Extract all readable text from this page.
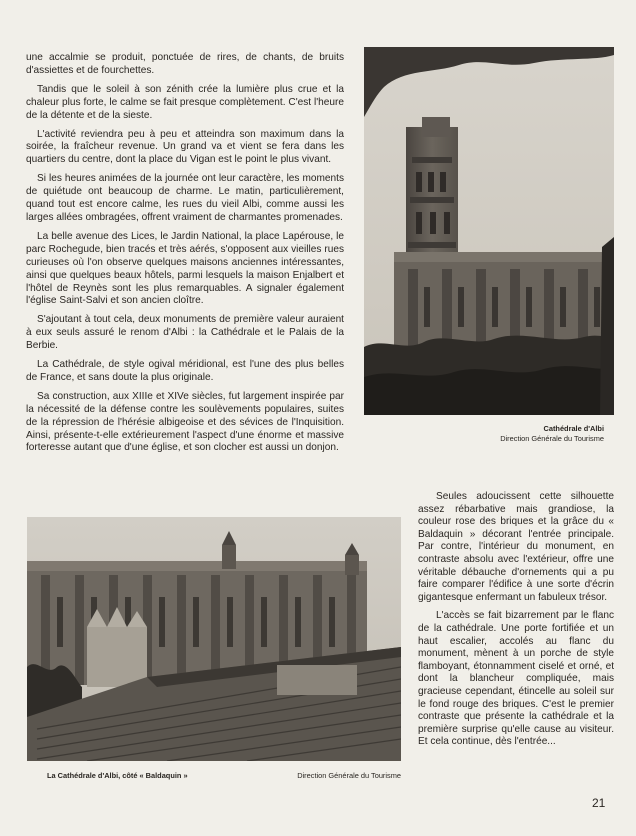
une accalmie se produit, ponctuée de rires, de chants, de bruits d'assiettes et de fourchettes.

Tandis que le soleil à son zénith crée la lumière plus crue et la chaleur plus forte, le calme se fait presque complètement. C'est l'heure de la détente et de la sieste.

L'activité reviendra peu à peu et atteindra son maximum dans la soirée, la fraîcheur revenue. Un grand va et vient se fera dans les quartiers du centre, dont la place du Vigan est le point le plus vivant.

Si les heures animées de la journée ont leur caractère, les moments de quiétude ont beaucoup de charme. Le matin, particulièrement, quand tout est encore calme, les rues du vieil Albi, comme aussi les larges allées ombragées, offrent vraiment de charmantes promenades.

La belle avenue des Lices, le Jardin National, la place Lapérouse, le parc Rochegude, bien tracés et très aérés, s'opposent aux vieilles rues curieuses où l'on observe quelques maisons anciennes intéressantes, ainsi que quelques beaux hôtels, parmi lesquels la maison Enjalbert et l'hôtel de Reynès sont les plus remarquables. A signaler également l'église Saint-Salvi et son ancien cloître.

S'ajoutant à tout cela, deux monuments de première valeur auraient à eux seuls assuré le renom d'Albi : la Cathédrale et le Palais de la Berbie.

La Cathédrale, de style ogival méridional, est l'une des plus belles de France, et sans doute la plus originale.

Sa construction, aux XIIIe et XIVe siècles, fut largement inspirée par la nécessité de la défense contre les soulèvements populaires, suites de la répression de l'hérésie albigeoise et des sévices de l'Inquisition. Ainsi, présente-t-elle extérieurement l'aspect d'une énorme et massive forteresse autant que d'une église, et son clocher est aussi un donjon.

Cathédrale d'Albi
Direction Générale du Tourisme
La Cathédrale d'Albi, côté « Baldaquin »	Direction Générale du Tourisme

Seules adoucissent cette silhouette assez rébarbative mais grandiose, la couleur rose des briques et la grâce du « Baldaquin » décorant l'entrée principale. Par contre, l'intérieur du monument, en contraste absolu avec l'extérieur, offre une véritable débauche d'ornements qui a pu faire comparer l'édifice à une sorte d'écrin gigantesque enfermant un fabuleux trésor.

L'accès se fait bizarrement par le flanc de la cathédrale. Une porte fortifiée et un haut escalier, accolés au flanc du monument, mènent à un porche de style flamboyant, étonnamment ciselé et orné, et dont la blancheur compliquée, mais gracieuse cependant, étincelle au soleil sur le fond rouge des briques. C'est le premier contraste que présente la cathédrale et la première surprise qu'elle cause au visiteur. Et cela continue, dès l'entrée...

21
